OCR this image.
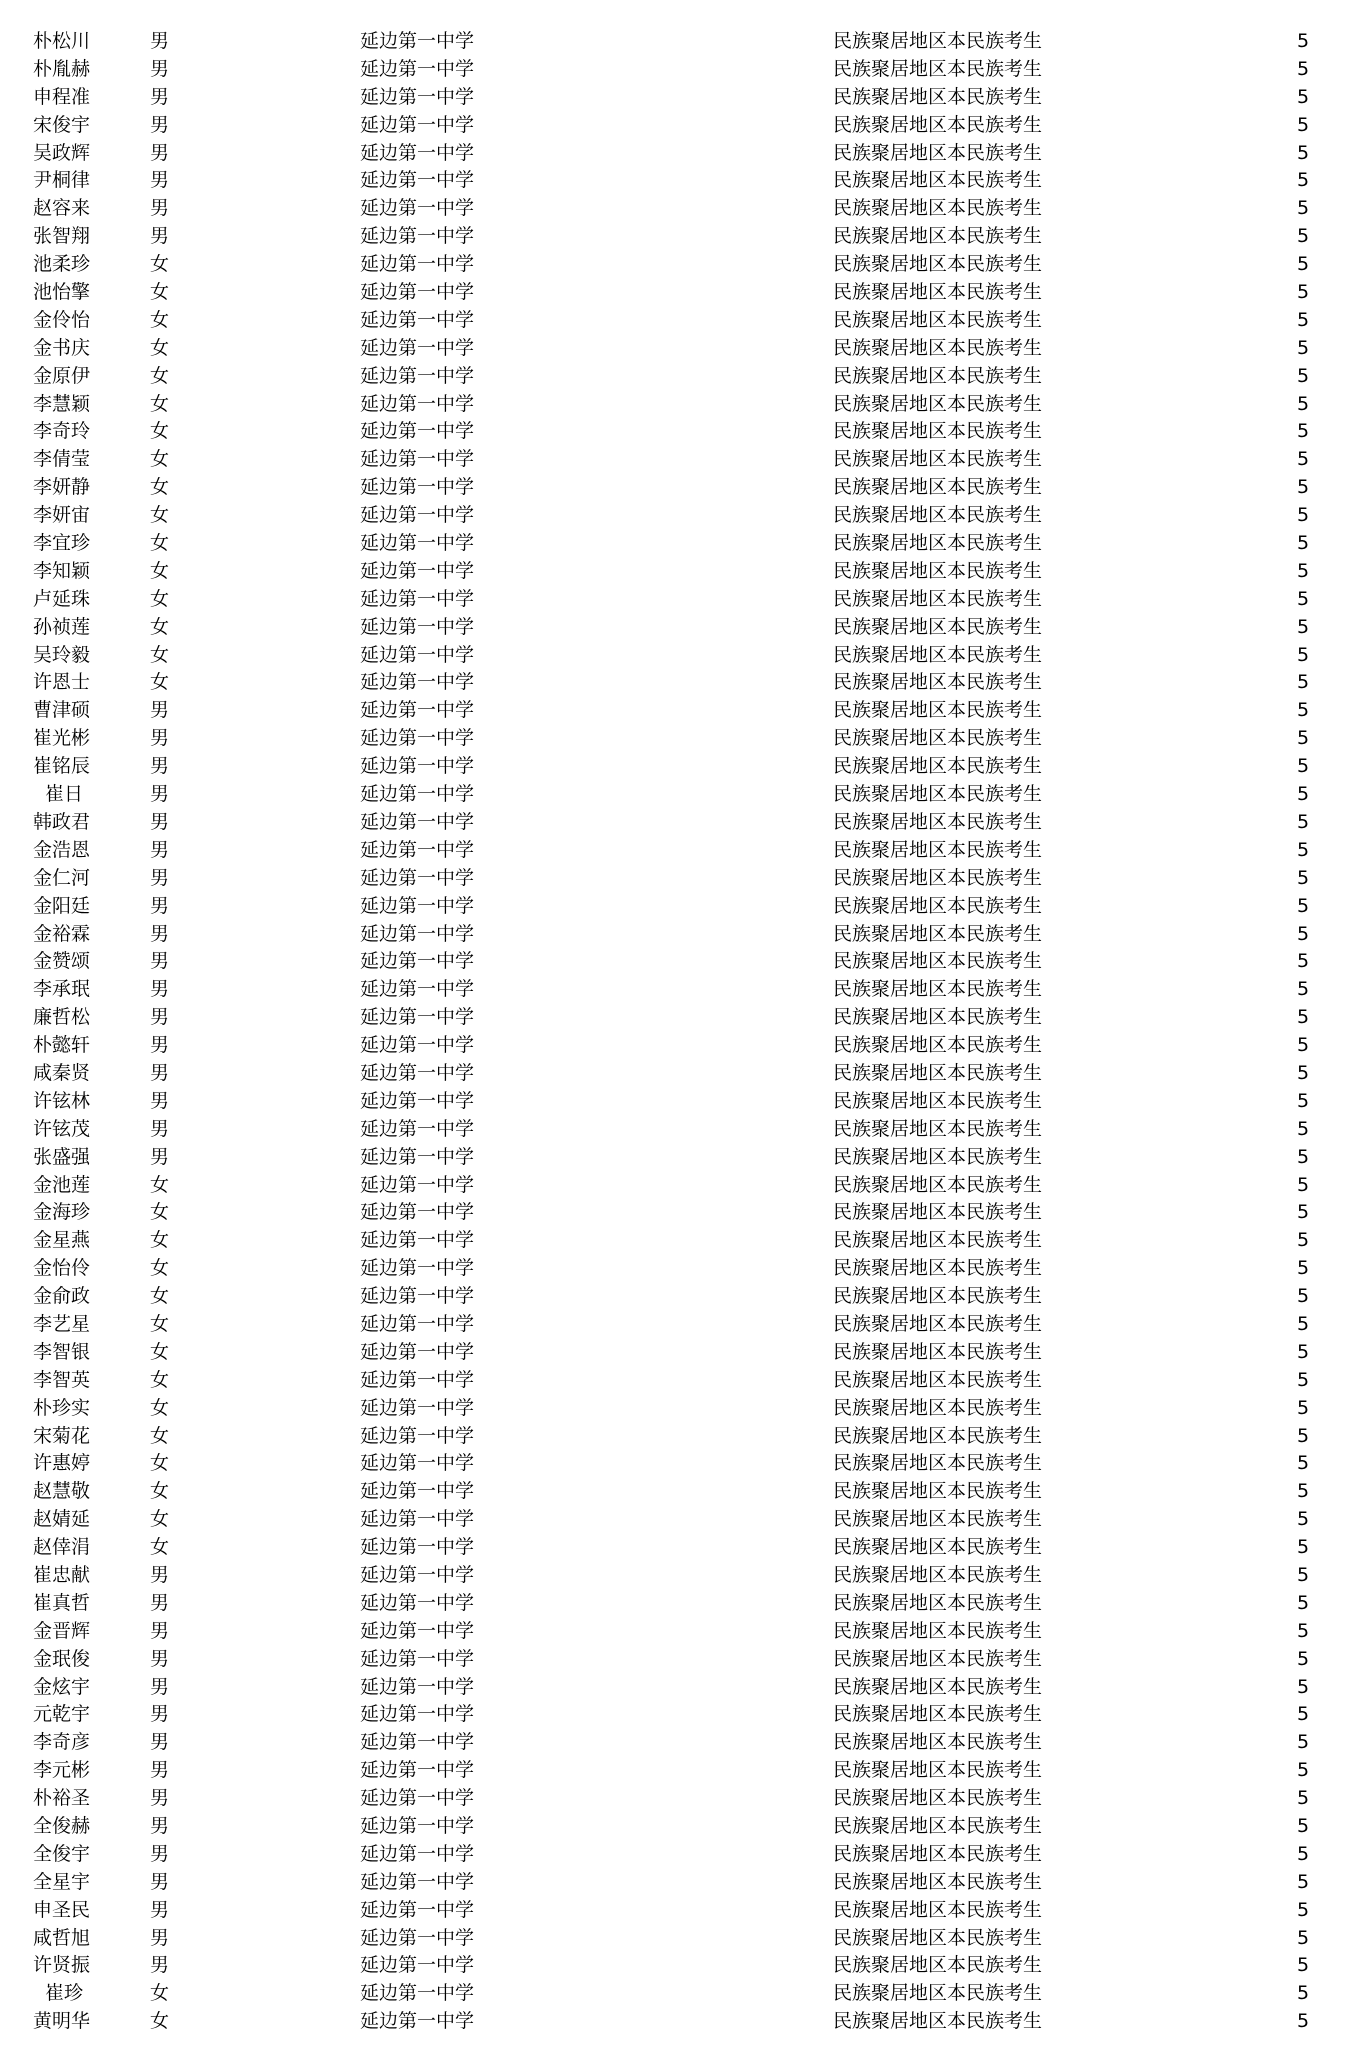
朴松川	男	延边第一中学	民族聚居地区本民族考生	5
朴胤赫	男	延边第一中学	民族聚居地区本民族考生	5
申程准	男	延边第一中学	民族聚居地区本民族考生	5
宋俊宇	男	延边第一中学	民族聚居地区本民族考生	5
吴政辉	男	延边第一中学	民族聚居地区本民族考生	5
尹桐律	男	延边第一中学	民族聚居地区本民族考生	5
赵容来	男	延边第一中学	民族聚居地区本民族考生	5
张智翔	男	延边第一中学	民族聚居地区本民族考生	5
池柔珍	女	延边第一中学	民族聚居地区本民族考生	5
池怡擎	女	延边第一中学	民族聚居地区本民族考生	5
金伶怡	女	延边第一中学	民族聚居地区本民族考生	5
金书庆	女	延边第一中学	民族聚居地区本民族考生	5
金原伊	女	延边第一中学	民族聚居地区本民族考生	5
李慧颖	女	延边第一中学	民族聚居地区本民族考生	5
李奇玲	女	延边第一中学	民族聚居地区本民族考生	5
李倩莹	女	延边第一中学	民族聚居地区本民族考生	5
李妍静	女	延边第一中学	民族聚居地区本民族考生	5
李妍宙	女	延边第一中学	民族聚居地区本民族考生	5
李宜珍	女	延边第一中学	民族聚居地区本民族考生	5
李知颖	女	延边第一中学	民族聚居地区本民族考生	5
卢延珠	女	延边第一中学	民族聚居地区本民族考生	5
孙祯莲	女	延边第一中学	民族聚居地区本民族考生	5
吴玲毅	女	延边第一中学	民族聚居地区本民族考生	5
许恩士	女	延边第一中学	民族聚居地区本民族考生	5
曹津硕	男	延边第一中学	民族聚居地区本民族考生	5
崔光彬	男	延边第一中学	民族聚居地区本民族考生	5
崔铭辰	男	延边第一中学	民族聚居地区本民族考生	5
崔日	男	延边第一中学	民族聚居地区本民族考生	5
韩政君	男	延边第一中学	民族聚居地区本民族考生	5
金浩恩	男	延边第一中学	民族聚居地区本民族考生	5
金仁河	男	延边第一中学	民族聚居地区本民族考生	5
金阳廷	男	延边第一中学	民族聚居地区本民族考生	5
金裕霖	男	延边第一中学	民族聚居地区本民族考生	5
金赞颂	男	延边第一中学	民族聚居地区本民族考生	5
李承珉	男	延边第一中学	民族聚居地区本民族考生	5
廉哲松	男	延边第一中学	民族聚居地区本民族考生	5
朴懿轩	男	延边第一中学	民族聚居地区本民族考生	5
咸秦贤	男	延边第一中学	民族聚居地区本民族考生	5
许铉林	男	延边第一中学	民族聚居地区本民族考生	5
许铉茂	男	延边第一中学	民族聚居地区本民族考生	5
张盛强	男	延边第一中学	民族聚居地区本民族考生	5
金池莲	女	延边第一中学	民族聚居地区本民族考生	5
金海珍	女	延边第一中学	民族聚居地区本民族考生	5
金星燕	女	延边第一中学	民族聚居地区本民族考生	5
金怡伶	女	延边第一中学	民族聚居地区本民族考生	5
金俞政	女	延边第一中学	民族聚居地区本民族考生	5
李艺星	女	延边第一中学	民族聚居地区本民族考生	5
李智银	女	延边第一中学	民族聚居地区本民族考生	5
李智英	女	延边第一中学	民族聚居地区本民族考生	5
朴珍实	女	延边第一中学	民族聚居地区本民族考生	5
宋菊花	女	延边第一中学	民族聚居地区本民族考生	5
许惠婷	女	延边第一中学	民族聚居地区本民族考生	5
赵慧敬	女	延边第一中学	民族聚居地区本民族考生	5
赵婧延	女	延边第一中学	民族聚居地区本民族考生	5
赵倖涓	女	延边第一中学	民族聚居地区本民族考生	5
崔忠献	男	延边第一中学	民族聚居地区本民族考生	5
崔真哲	男	延边第一中学	民族聚居地区本民族考生	5
金晋辉	男	延边第一中学	民族聚居地区本民族考生	5
金珉俊	男	延边第一中学	民族聚居地区本民族考生	5
金炫宇	男	延边第一中学	民族聚居地区本民族考生	5
元乾宇	男	延边第一中学	民族聚居地区本民族考生	5
李奇彦	男	延边第一中学	民族聚居地区本民族考生	5
李元彬	男	延边第一中学	民族聚居地区本民族考生	5
朴裕圣	男	延边第一中学	民族聚居地区本民族考生	5
全俊赫	男	延边第一中学	民族聚居地区本民族考生	5
全俊宇	男	延边第一中学	民族聚居地区本民族考生	5
全星宇	男	延边第一中学	民族聚居地区本民族考生	5
申圣民	男	延边第一中学	民族聚居地区本民族考生	5
咸哲旭	男	延边第一中学	民族聚居地区本民族考生	5
许贤振	男	延边第一中学	民族聚居地区本民族考生	5
崔珍	女	延边第一中学	民族聚居地区本民族考生	5
黄明华	女	延边第一中学	民族聚居地区本民族考生	5
